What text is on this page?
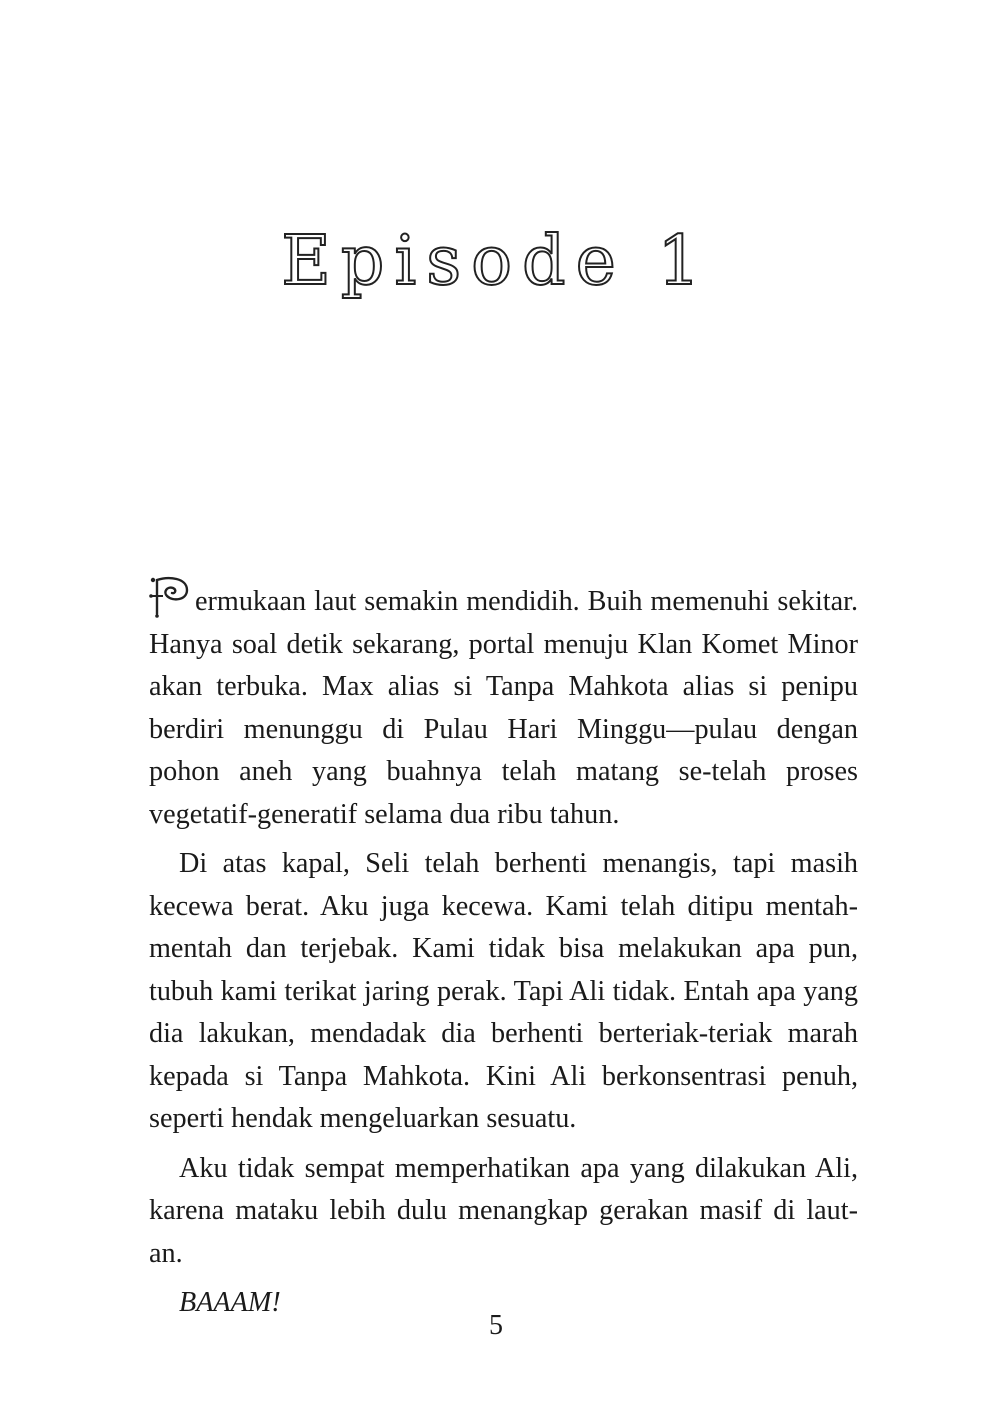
Episode 1

ermukaan laut semakin mendidih. Buih memenuhi sekitar. Hanya soal detik sekarang, portal menuju Klan Komet Minor akan terbuka. Max alias si Tanpa Mahkota alias si penipu berdiri menunggu di Pulau Hari Minggu—pulau dengan pohon aneh yang buahnya telah matang se-telah proses vegetatif-generatif selama dua ribu tahun.

Di atas kapal, Seli telah berhenti menangis, tapi masih kecewa berat. Aku juga kecewa. Kami telah ditipu mentah-mentah dan terjebak. Kami tidak bisa melakukan apa pun, tubuh kami terikat jaring perak. Tapi Ali tidak. Entah apa yang dia lakukan, mendadak dia berhenti berteriak-teriak marah kepada si Tanpa Mahkota. Kini Ali berkonsentrasi penuh, seperti hendak mengeluarkan sesuatu.

Aku tidak sempat memperhatikan apa yang dilakukan Ali, karena mataku lebih dulu menangkap gerakan masif di laut-an.

BAAAM!

5
